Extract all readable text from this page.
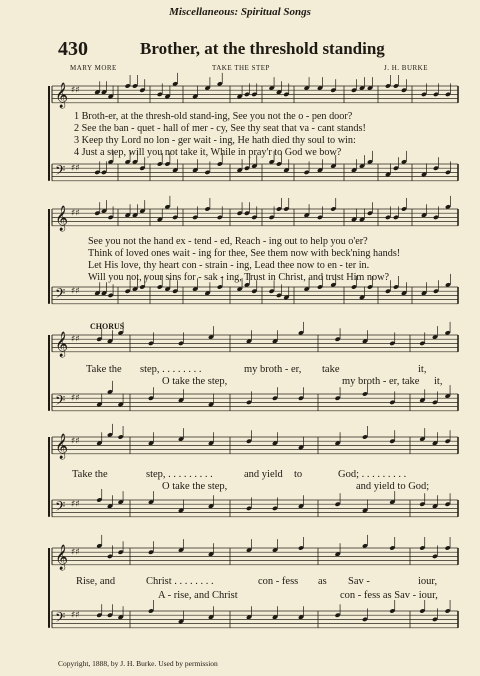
Miscellaneous: Spiritual Songs
430	Brother, at the threshold standing
MARY MORE	TAKE THE STEP	J. H. BURKE
𝄞 ♯♯
𝄢 ♯♯
𝄞 ♯♯
𝄢 ♯♯
𝄞 ♯♯
𝄢 ♯♯
𝄞 ♯♯
𝄢 ♯♯
𝄞 ♯♯
𝄢 ♯♯
1 Broth-er, at the thresh-old stand-ing, See you not the o - pen door?
2 See the ban - quet - hall of mer - cy, See thy seat that va - cant stands!
3 Keep thy Lord no lon - ger wait - ing, He hath died thy soul to win:
4 Just a step, will you not take it, While in pray'r to God we bow?
See you not the hand ex - tend - ed, Reach - ing out to help you o'er?
Think of loved ones wait - ing for thee, See them now with beck'ning hands!
Let His love, thy heart con - strain - ing, Lead thee now to en - ter in.
Will you not, your sins for - sak - ing, Trust in Christ, and trust Him now?
CHORUS
Take the step, . . . . . . . .	my broth - er, take	it,
O take the step,	my broth - er, take it,
Take the	step, . . . . . . . . .	and yield to	God; . . . . . . . . .
O take the step,	and yield to God;
Rise, and	Christ . . . . . . . .	con - fess as Sav -	iour,
A - rise, and Christ	con - fess as Sav - iour,
Copyright, 1888, by J. H. Burke. Used by permission
